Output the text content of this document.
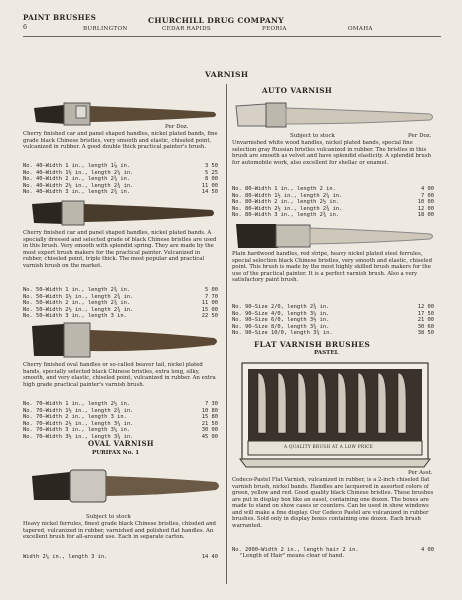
PAINT BRUSHES

6

CHURCHILL DRUG COMPANY

BURLINGTON	CEDAR RAPIDS	PEORIA	OMAHA

VARNISH

Per Doz.

Cherry finished car and panel shaped handles, nickel plated bands, fine grade black Chinese bristles, very smooth and elastic, chiseled point, vulcanized in rubber. A good double thick practical painter's brush.

No. 40—Width 1 in., length 1⅞ in.	3 50
No. 40—Width 1½ in., length 2¼ in.	5 25
No. 40—Width 2 in., length 2¾ in.	8 00
No. 40—Width 2½ in., length 2¾ in.	11 00
No. 40—Width 3 in., length 2¾ in.	14 50

Cherry finished car and panel shaped handles, nickel plated bands. A specially dressed and selected grade of black Chinese bristles are used in this brush. Very smooth with splendid spring. They are made by the most expert brush makers for the practical painter. Vulcanized in rubber, chiseled point, triple thick. The most popular and practical varnish brush on the market.

No. 50—Width 1 in., length 2¾ in.	5 00
No. 50—Width 1½ in., length 2¾ in.	7 70
No. 50—Width 2 in., length 2¾ in.	11 00
No. 50—Width 2½ in., length 2¾ in.	15 00
No. 50—Width 3 in., length 3 in.	22 50

Cherry finished oval handles or so-called beaver tail, nickel plated bands, specially selected black Chinese bristles, extra long, silky, smooth, and very elastic, chiseled point, vulcanized in rubber. An extra high grade practical painter's varnish brush.

No. 70—Width 1 in., length 2½ in.	7 30
No. 70—Width 1½ in., length 2¾ in.	10 80
No. 70—Width 2 in., length 3 in.	15 80
No. 70—Width 2½ in., length 3¼ in.	21 50
No. 70—Width 3 in., length 3¼ in.	30 00
No. 70—Width 3½ in., length 3¾ in.	45 00

OVAL VARNISH

PURIFAX No. 1

Subject to stock

Heavy nickel ferrules, finest grade black Chinese bristles, chiseled and tapered, vulcanized in rubber, varnished and polished flat handles. An excellent brush for all-around use. Each in separate carton.

Width 2¼ in., length 3 in.	14 40

AUTO VARNISH

Subject to stock	Per Doz.

Unvarnished white wood handles, nickel plated bands, special fine selection gray Russian bristles vulcanized in rubber. The bristles in this brush are smooth as velvet and have splendid elasticity. A splendid brush for automobile work, also excellent for shellac or enamel.

No. 80—Width 1 in., length 2 in.	4 00
No. 80—Width 1½ in., length 2¼ in.	7 00
No. 80—Width 2 in., length 2½ in.	10 00
No. 80—Width 2½ in., length 2¾ in.	12 00
No. 80—Width 3 in., length 2¾ in.	18 00

Plain hardwood handles, red stripe, heavy nickel plated steel ferrules, special selection black Chinese bristles, very smooth and elastic, chiseled point. This brush is made by the most highly skilled brush makers for the use of the practical painter. It is a perfect varnish brush. Also a very satisfactory paint brush.

No. 90—Size 2/0, length 2¾ in.	12 00
No. 90—Size 4/0, length 3¼ in.	17 50
No. 90—Size 6/0, length 3½ in.	21 00
No. 90—Size 8/0, length 3¾ in.	30 60
No. 90—Size 10/0, length 3¾ in.	38 50

FLAT VARNISH BRUSHES

PASTEL

A QUALITY BRUSH AT A LOW PRICE

Per Asst.

Cedeco-Pastel Flat Varnish, vulcanized in rubber, is a 2-inch chiseled flat varnish brush, nickel bands. Handles are lacquered in assorted colors of green, yellow and red. Good quality black Chinese bristles. These brushes are put in display box like an easel, containing one dozen. The boxes are made to stand on show cases or counters. Can be used in show windows and will make a fine display. Our Cedeco Pastel are vulcanized in rubber brushes. Sold only in display boxes containing one dozen. Each brush warranted.

No. 2000—Width 2 in., length hair 2 in.	4 00

"Length of Hair" means clear of hand.
